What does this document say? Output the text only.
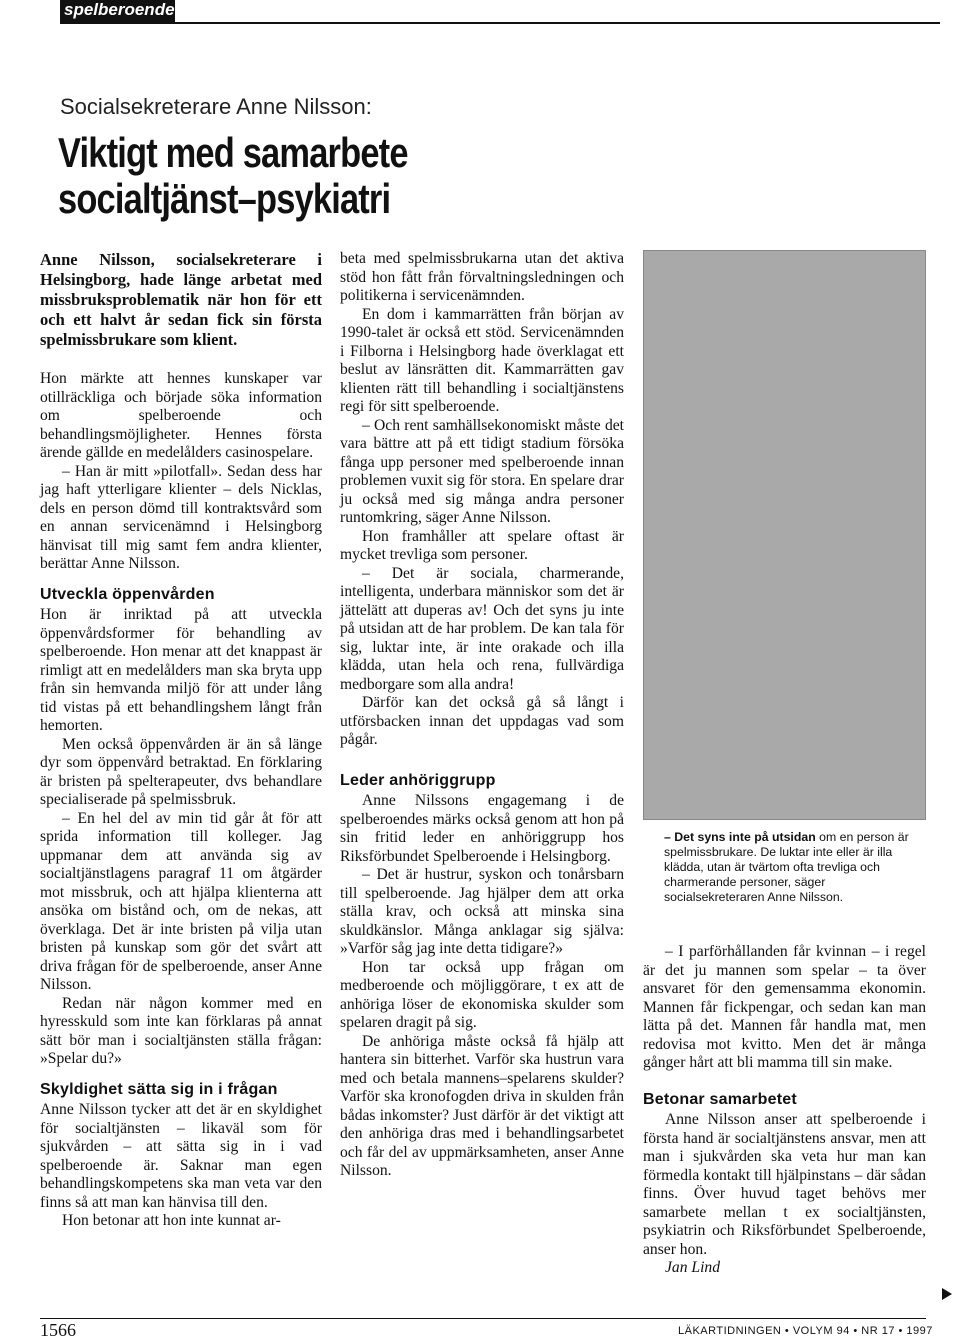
spelberoende
Socialsekreterare Anne Nilsson:
Viktigt med samarbete
socialtjänst–psykiatri

Anne Nilsson, socialsekreterare i Helsingborg, hade länge arbetat med missbruksproblematik när hon för ett och ett halvt år sedan fick sin första spelmissbrukare som klient.

Hon märkte att hennes kunskaper var otillräckliga och började söka information om spelberoende och behandlingsmöjligheter. Hennes första ärende gällde en medelålders casinospelare.

– Han är mitt »pilotfall». Sedan dess har jag haft ytterligare klienter – dels Nicklas, dels en person dömd till kontraktsvård som en annan servicenämnd i Helsingborg hänvisat till mig samt fem andra klienter, berättar Anne Nilsson.

Utveckla öppenvården

Hon är inriktad på att utveckla öppenvårdsformer för behandling av spelberoende. Hon menar att det knappast är rimligt att en medelålders man ska bryta upp från sin hemvanda miljö för att under lång tid vistas på ett behandlingshem långt från hemorten.

Men också öppenvården är än så länge dyr som öppenvård betraktad. En förklaring är bristen på spelterapeuter, dvs behandlare specialiserade på spelmissbruk.

– En hel del av min tid går åt för att sprida information till kolleger. Jag uppmanar dem att använda sig av socialtjänstlagens paragraf 11 om åtgärder mot missbruk, och att hjälpa klienterna att ansöka om bistånd och, om de nekas, att överklaga. Det är inte bristen på vilja utan bristen på kunskap som gör det svårt att driva frågan för de spelberoende, anser Anne Nilsson.

Redan när någon kommer med en hyresskuld som inte kan förklaras på annat sätt bör man i socialtjänsten ställa frågan: »Spelar du?»

Skyldighet sätta sig in i frågan

Anne Nilsson tycker att det är en skyldighet för socialtjänsten – likaväl som för sjukvården – att sätta sig in i vad spelberoende är. Saknar man egen behandlingskompetens ska man veta var den finns så att man kan hänvisa till den.

Hon betonar att hon inte kunnat ar-

beta med spelmissbrukarna utan det aktiva stöd hon fått från förvaltningsledningen och politikerna i servicenämnden.

En dom i kammarrätten från början av 1990-talet är också ett stöd. Servicenämnden i Filborna i Helsingborg hade överklagat ett beslut av länsrätten dit. Kammarrätten gav klienten rätt till behandling i socialtjänstens regi för sitt spelberoende.

– Och rent samhällsekonomiskt måste det vara bättre att på ett tidigt stadium försöka fånga upp personer med spelberoende innan problemen vuxit sig för stora. En spelare drar ju också med sig många andra personer runtomkring, säger Anne Nilsson.

Hon framhåller att spelare oftast är mycket trevliga som personer.

– Det är sociala, charmerande, intelligenta, underbara människor som det är jättelätt att duperas av! Och det syns ju inte på utsidan att de har problem. De kan tala för sig, luktar inte, är inte orakade och illa klädda, utan hela och rena, fullvärdiga medborgare som alla andra!

Därför kan det också gå så långt i utförsbacken innan det uppdagas vad som pågår.

Leder anhöriggrupp

Anne Nilssons engagemang i de spelberoendes märks också genom att hon på sin fritid leder en anhöriggrupp hos Riksförbundet Spelberoende i Helsingborg.

– Det är hustrur, syskon och tonårsbarn till spelberoende. Jag hjälper dem att orka ställa krav, och också att minska sina skuldkänslor. Många anklagar sig själva: »Varför såg jag inte detta tidigare?»

Hon tar också upp frågan om medberoende och möjliggörare, t ex att de anhöriga löser de ekonomiska skulder som spelaren dragit på sig.

De anhöriga måste också få hjälp att hantera sin bitterhet. Varför ska hustrun vara med och betala mannens–spelarens skulder? Varför ska kronofogden driva in skulden från bådas inkomster? Just därför är det viktigt att den anhöriga dras med i behandlingsarbetet och får del av uppmärksamheten, anser Anne Nilsson.

– Det syns inte på utsidan om en person är spelmissbrukare. De luktar inte eller är illa klädda, utan är tvärtom ofta trevliga och charmerande personer, säger socialsekreteraren Anne Nilsson.

– I parförhållanden får kvinnan – i regel är det ju mannen som spelar – ta över ansvaret för den gemensamma ekonomin. Mannen får fickpengar, och sedan kan man lätta på det. Mannen får handla mat, men redovisa mot kvitto. Men det är många gånger hårt att bli mamma till sin make.

Betonar samarbetet

Anne Nilsson anser att spelberoende i första hand är socialtjänstens ansvar, men att man i sjukvården ska veta hur man kan förmedla kontakt till hjälpinstans – där sådan finns. Över huvud taget behövs mer samarbete mellan t ex socialtjänsten, psykiatrin och Riksförbundet Spelberoende, anser hon.

Jan Lind

1566	LÄKARTIDNINGEN • VOLYM 94 • NR 17 • 1997
